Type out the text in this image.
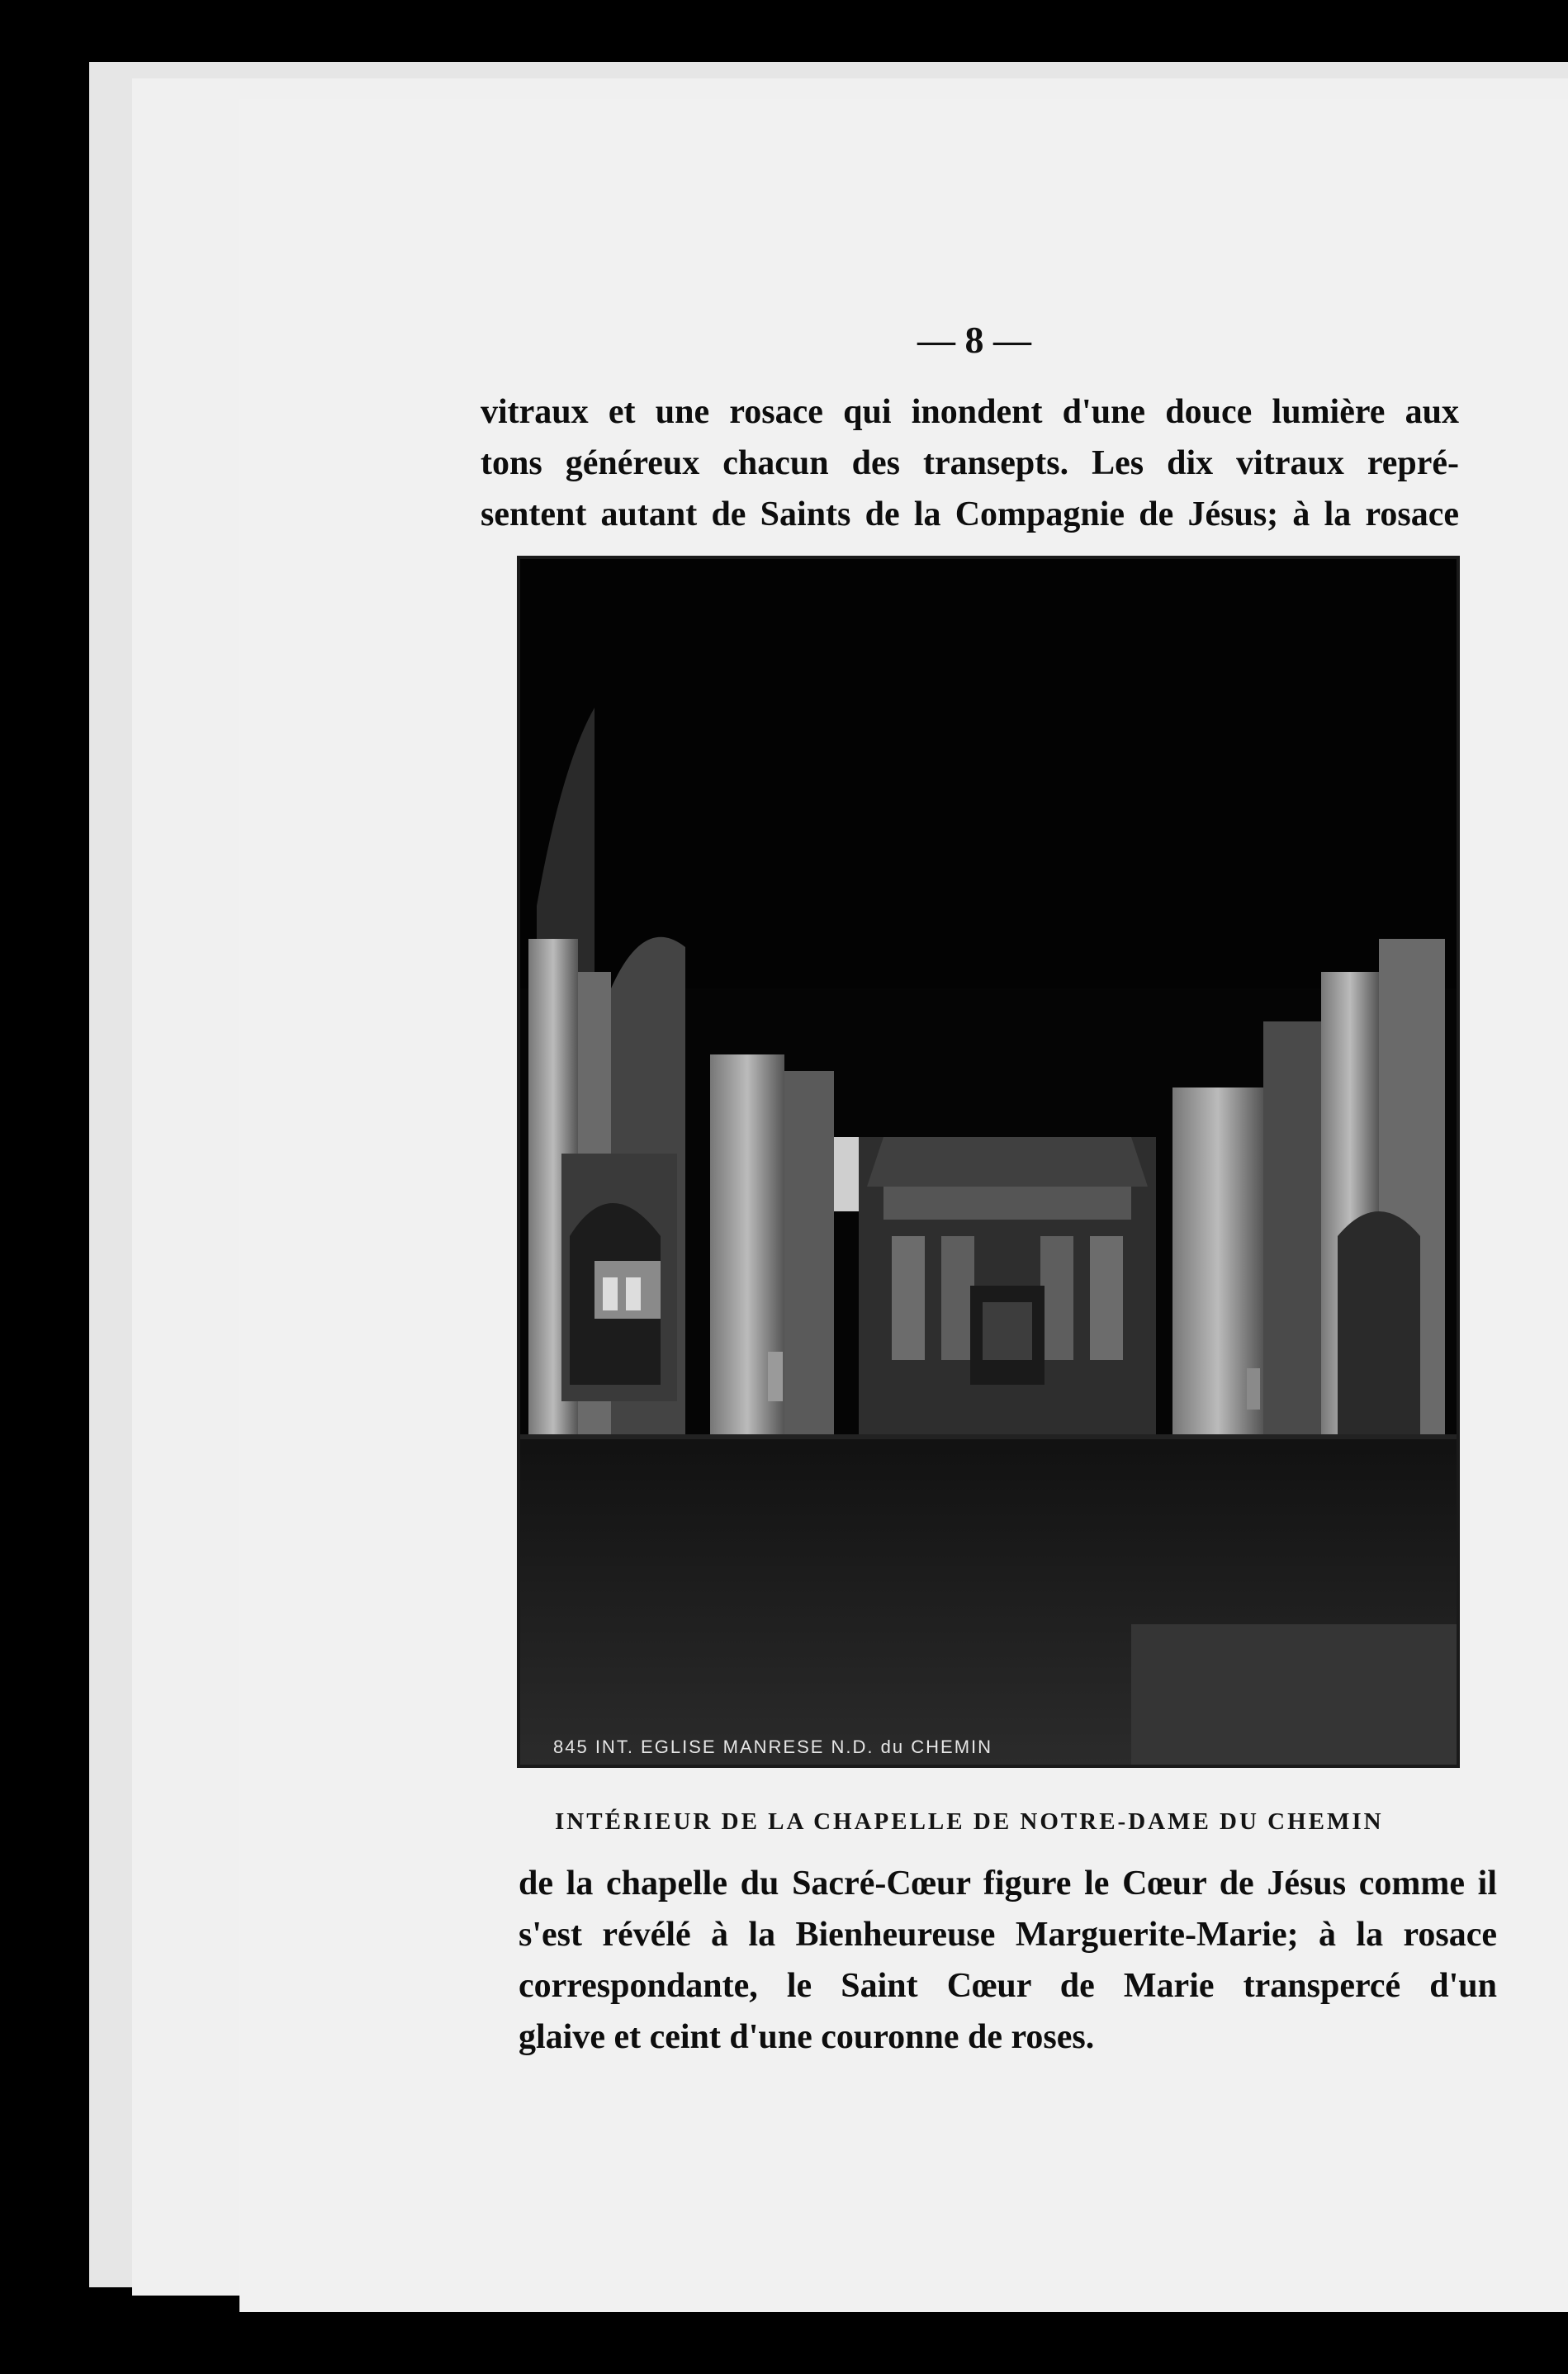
— 8 —

vitraux et une rosace qui inondent d'une douce lumière aux
tons généreux chacun des transepts. Les dix vitraux repré-
sentent autant de Saints de la Compagnie de Jésus; à la rosace

845 INT. EGLISE MANRESE N.D. du CHEMIN
INTÉRIEUR DE LA CHAPELLE DE NOTRE-DAME DU CHEMIN

de la chapelle du Sacré-Cœur figure le Cœur de Jésus comme il
s'est révélé à la Bienheureuse Marguerite-Marie; à la rosace
correspondante, le Saint Cœur de Marie transpercé d'un
glaive et ceint d'une couronne de roses.
